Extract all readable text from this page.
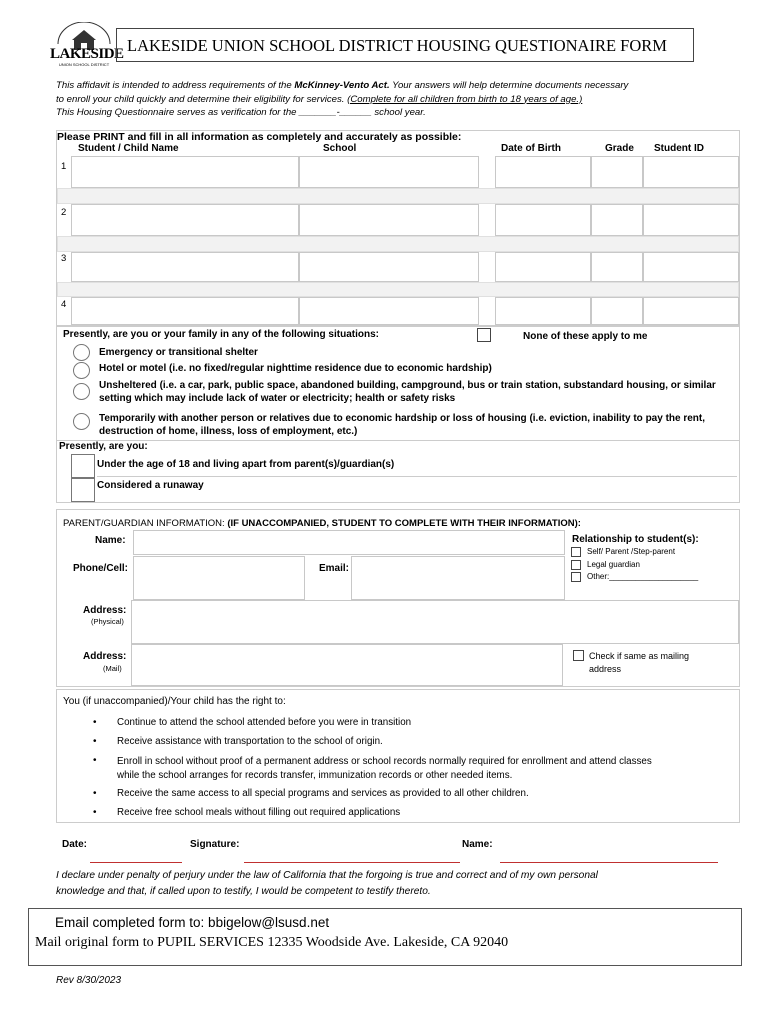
LAKESIDE
UNION SCHOOL DISTRICT
LAKESIDE UNION SCHOOL DISTRICT HOUSING QUESTIONAIRE FORM
This affidavit is intended to address requirements of the McKinney-Vento Act. Your answers will help determine documents necessary
to enroll your child quickly and determine their eligibility for services. (Complete for all children from birth to 18 years of age.)
This Housing Questionnaire serves as verification for the _______-______ school year.
Please PRINT and fill in all information as completely and accurately as possible:
Student / Child Name	School	Date of Birth	Grade Student ID
1
2
3
4
Presently, are you or your family in any of the following situations:	None of these apply to me
Emergency or transitional shelter
Hotel or motel (i.e. no fixed/regular nighttime residence due to economic hardship)
Unsheltered (i.e. a car, park, public space, abandoned building, campground, bus or train station, substandard housing, or similar
setting which may include lack of water or electricity; health or safety risks
Temporarily with another person or relatives due to economic hardship or loss of housing (i.e. eviction, inability to pay the rent,
destruction of home, illness, loss of employment, etc.)
Presently, are you:
Under the age of 18 and living apart from parent(s)/guardian(s)
Considered a runaway
PARENT/GUARDIAN INFORMATION: (IF UNACCOMPANIED, STUDENT TO COMPLETE WITH THEIR INFORMATION):
Name:	Relationship to student(s):
Self/ Parent /Step-parent
Legal guardian
Other:____________________
Phone/Cell:	Email:
Address:
(Physical)
Address:
(Mail)
Check if same as mailing
address
You (if unaccompanied)/Your child has the right to:
• Continue to attend the school attended before you were in transition
• Receive assistance with transportation to the school of origin.
• Enroll in school without proof of a permanent address or school records normally required for enrollment and attend classes
while the school arranges for records transfer, immunization records or other needed items.
• Receive the same access to all special programs and services as provided to all other children.
• Receive free school meals without filling out required applications
Date:	Signature:	Name:
I declare under penalty of perjury under the law of California that the forgoing is true and correct and of my own personal
knowledge and that, if called upon to testify, I would be competent to testify thereto.
Email completed form to: bbigelow@lsusd.net
Mail original form to PUPIL SERVICES 12335 Woodside Ave. Lakeside, CA 92040
Rev 8/30/2023
